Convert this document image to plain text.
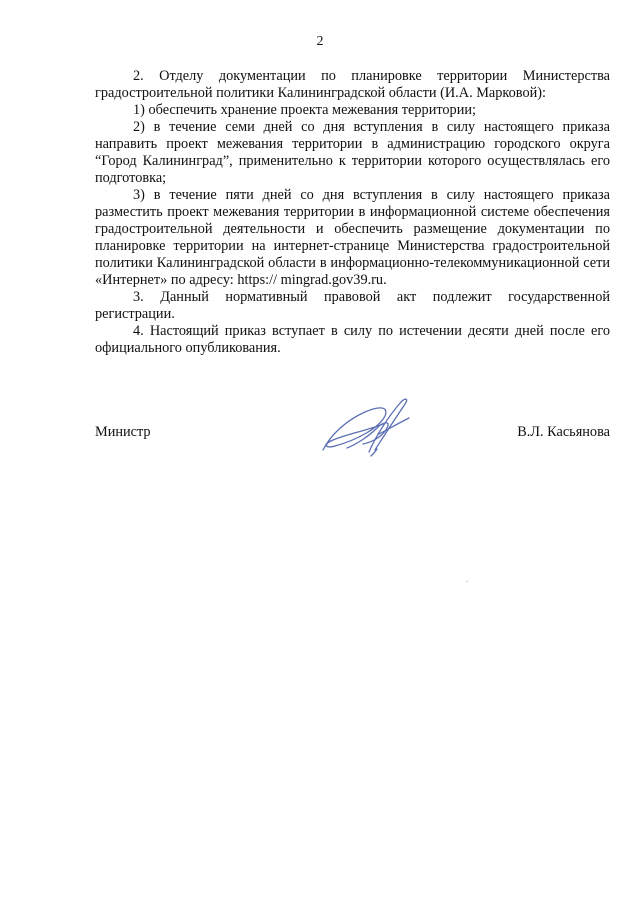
2

2. Отделу документации по планировке территории Министерства градостроительной политики Калининградской области (И.А. Марковой):

1) обеспечить хранение проекта межевания территории;

2) в течение семи дней со дня вступления в силу настоящего приказа направить проект межевания территории в администрацию городского округа “Город Калининград”, применительно к территории которого осуществлялась его подготовка;

3) в течение пяти дней со дня вступления в силу настоящего приказа разместить проект межевания территории в информационной системе обеспечения градостроительной деятельности и обеспечить размещение документации по планировке территории на интернет-странице Министерства градостроительной политики Калининградской области в информационно-телекоммуникационной сети «Интернет» по адресу: https:// mingrad.gov39.ru.

3. Данный нормативный правовой акт подлежит государственной регистрации.

4. Настоящий приказ вступает в силу по истечении десяти дней после его официального опубликования.

Министр	В.Л. Касьянова
